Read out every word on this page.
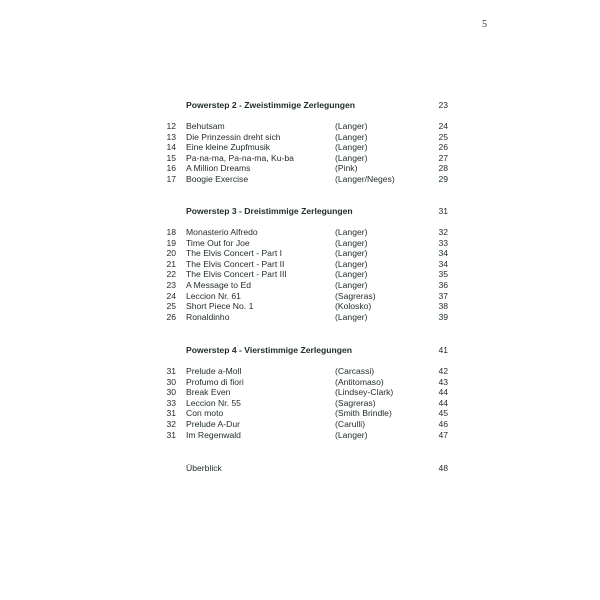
5
Powerstep 2 - Zweistimmige Zerlegungen	23
12 Behutsam	(Langer)	24
13 Die Prinzessin dreht sich	(Langer)	25
14 Eine kleine Zupfmusik	(Langer)	26
15 Pa-na-ma, Pa-na-ma, Ku-ba	(Langer)	27
16 A Million Dreams	(Pink)	28
17 Boogie Exercise	(Langer/Neges)	29
Powerstep 3 - Dreistimmige Zerlegungen	31
18 Monasterio Alfredo	(Langer)	32
19 Time Out for Joe	(Langer)	33
20 The Elvis Concert - Part I	(Langer)	34
21 The Elvis Concert - Part II	(Langer)	34
22 The Elvis Concert - Part III	(Langer)	35
23 A Message to Ed	(Langer)	36
24 Leccion Nr. 61	(Sagreras)	37
25 Short Piece No. 1	(Kolosko)	38
26 Ronaldinho	(Langer)	39
Powerstep 4 - Vierstimmige Zerlegungen	41
31 Prelude a-Moll	(Carcassi)	42
30 Profumo di fiori	(Antitomaso)	43
30 Break Even	(Lindsey-Clark)	44
33 Leccion Nr. 55	(Sagreras)	44
31 Con moto	(Smith Brindle)	45
32 Prelude A-Dur	(Carulli)	46
31 Im Regenwald	(Langer)	47
Überblick	48
